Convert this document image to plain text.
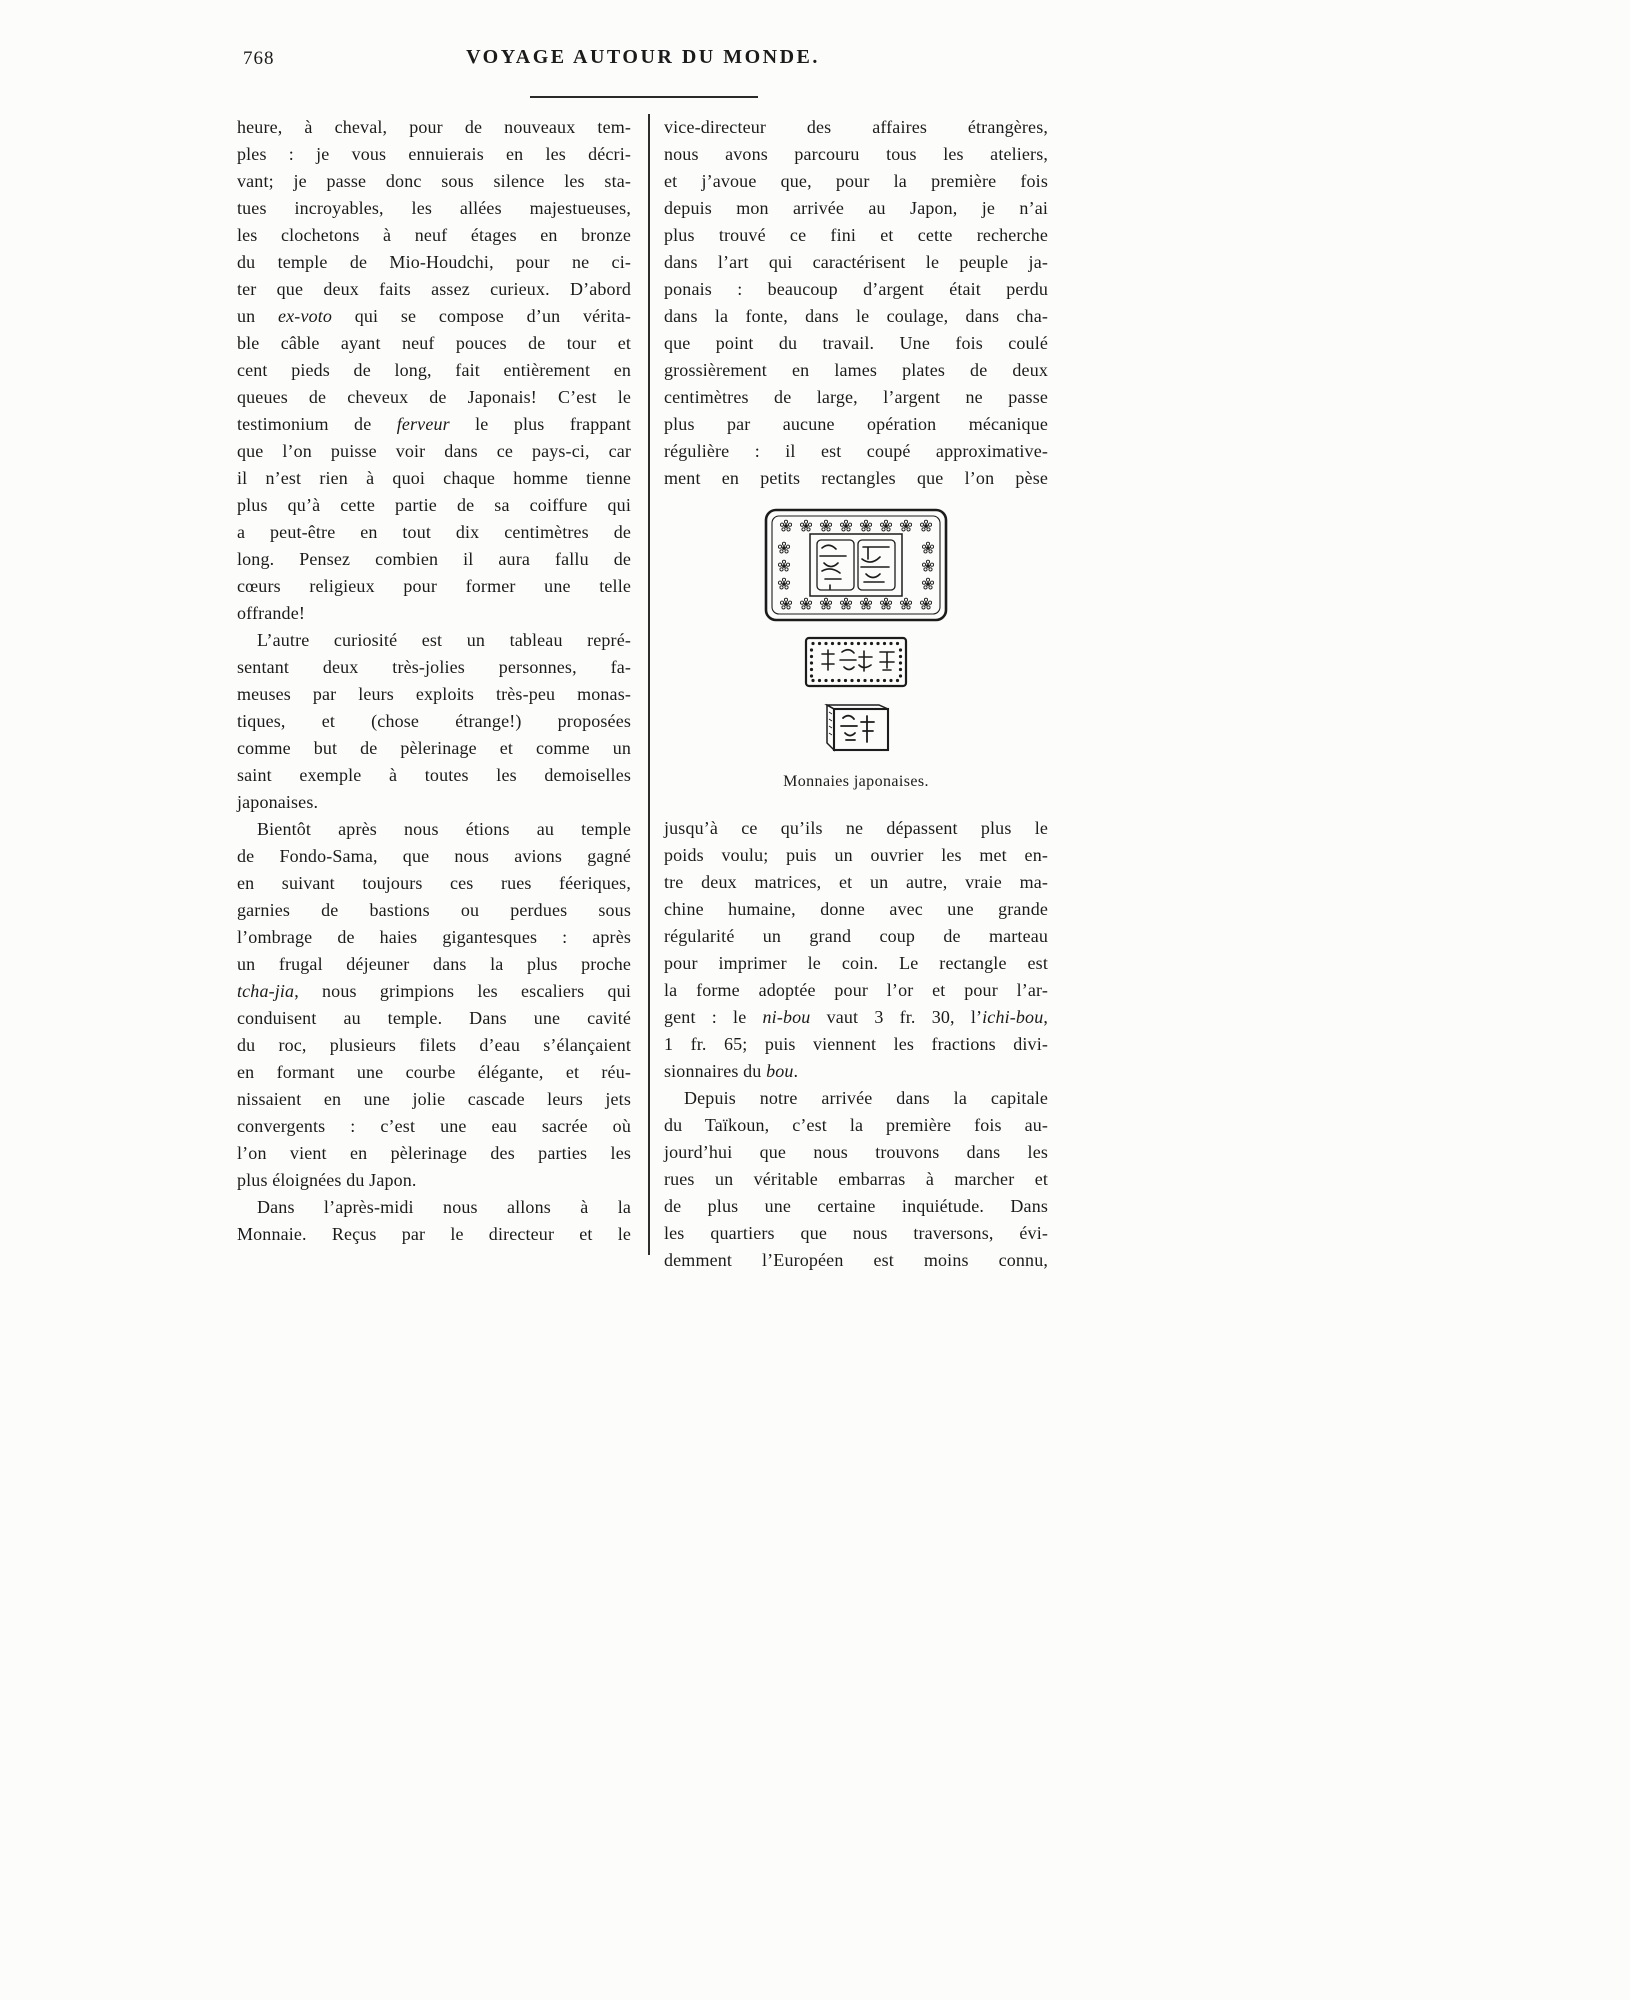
768	VOYAGE AUTOUR DU MONDE.
heure, à cheval, pour de nouveaux tem-
ples : je vous ennuierais en les décri-
vant; je passe donc sous silence les sta-
tues incroyables, les allées majestueuses,
les clochetons à neuf étages en bronze
du temple de Mio-Houdchi, pour ne ci-
ter que deux faits assez curieux. D’abord
un ex-voto qui se compose d’un vérita-
ble câble ayant neuf pouces de tour et
cent pieds de long, fait entièrement en
queues de cheveux de Japonais! C’est le
testimonium de ferveur le plus frappant
que l’on puisse voir dans ce pays-ci, car
il n’est rien à quoi chaque homme tienne
plus qu’à cette partie de sa coiffure qui
a peut-être en tout dix centimètres de
long. Pensez combien il aura fallu de
cœurs religieux pour former une telle
offrande!
L’autre curiosité est un tableau repré-
sentant deux très-jolies personnes, fa-
meuses par leurs exploits très-peu monas-
tiques, et (chose étrange!) proposées
comme but de pèlerinage et comme un
saint exemple à toutes les demoiselles
japonaises.
Bientôt après nous étions au temple
de Fondo-Sama, que nous avions gagné
en suivant toujours ces rues féeriques,
garnies de bastions ou perdues sous
l’ombrage de haies gigantesques : après
un frugal déjeuner dans la plus proche
tcha-jia, nous grimpions les escaliers qui
conduisent au temple. Dans une cavité
du roc, plusieurs filets d’eau s’élançaient
en formant une courbe élégante, et réu-
nissaient en une jolie cascade leurs jets
convergents : c’est une eau sacrée où
l’on vient en pèlerinage des parties les
plus éloignées du Japon.
Dans l’après-midi nous allons à la
Monnaie. Reçus par le directeur et le
vice-directeur des affaires étrangères,
nous avons parcouru tous les ateliers,
et j’avoue que, pour la première fois
depuis mon arrivée au Japon, je n’ai
plus trouvé ce fini et cette recherche
dans l’art qui caractérisent le peuple ja-
ponais : beaucoup d’argent était perdu
dans la fonte, dans le coulage, dans cha-
que point du travail. Une fois coulé
grossièrement en lames plates de deux
centimètres de large, l’argent ne passe
plus par aucune opération mécanique
régulière : il est coupé approximative-
ment en petits rectangles que l’on pèse
Monnaies japonaises.
jusqu’à ce qu’ils ne dépassent plus le
poids voulu; puis un ouvrier les met en-
tre deux matrices, et un autre, vraie ma-
chine humaine, donne avec une grande
régularité un grand coup de marteau
pour imprimer le coin. Le rectangle est
la forme adoptée pour l’or et pour l’ar-
gent : le ni-bou vaut 3 fr. 30, l’ichi-bou,
1 fr. 65; puis viennent les fractions divi-
sionnaires du bou.
Depuis notre arrivée dans la capitale
du Taïkoun, c’est la première fois au-
jourd’hui que nous trouvons dans les
rues un véritable embarras à marcher et
de plus une certaine inquiétude. Dans
les quartiers que nous traversons, évi-
demment l’Européen est moins connu,
